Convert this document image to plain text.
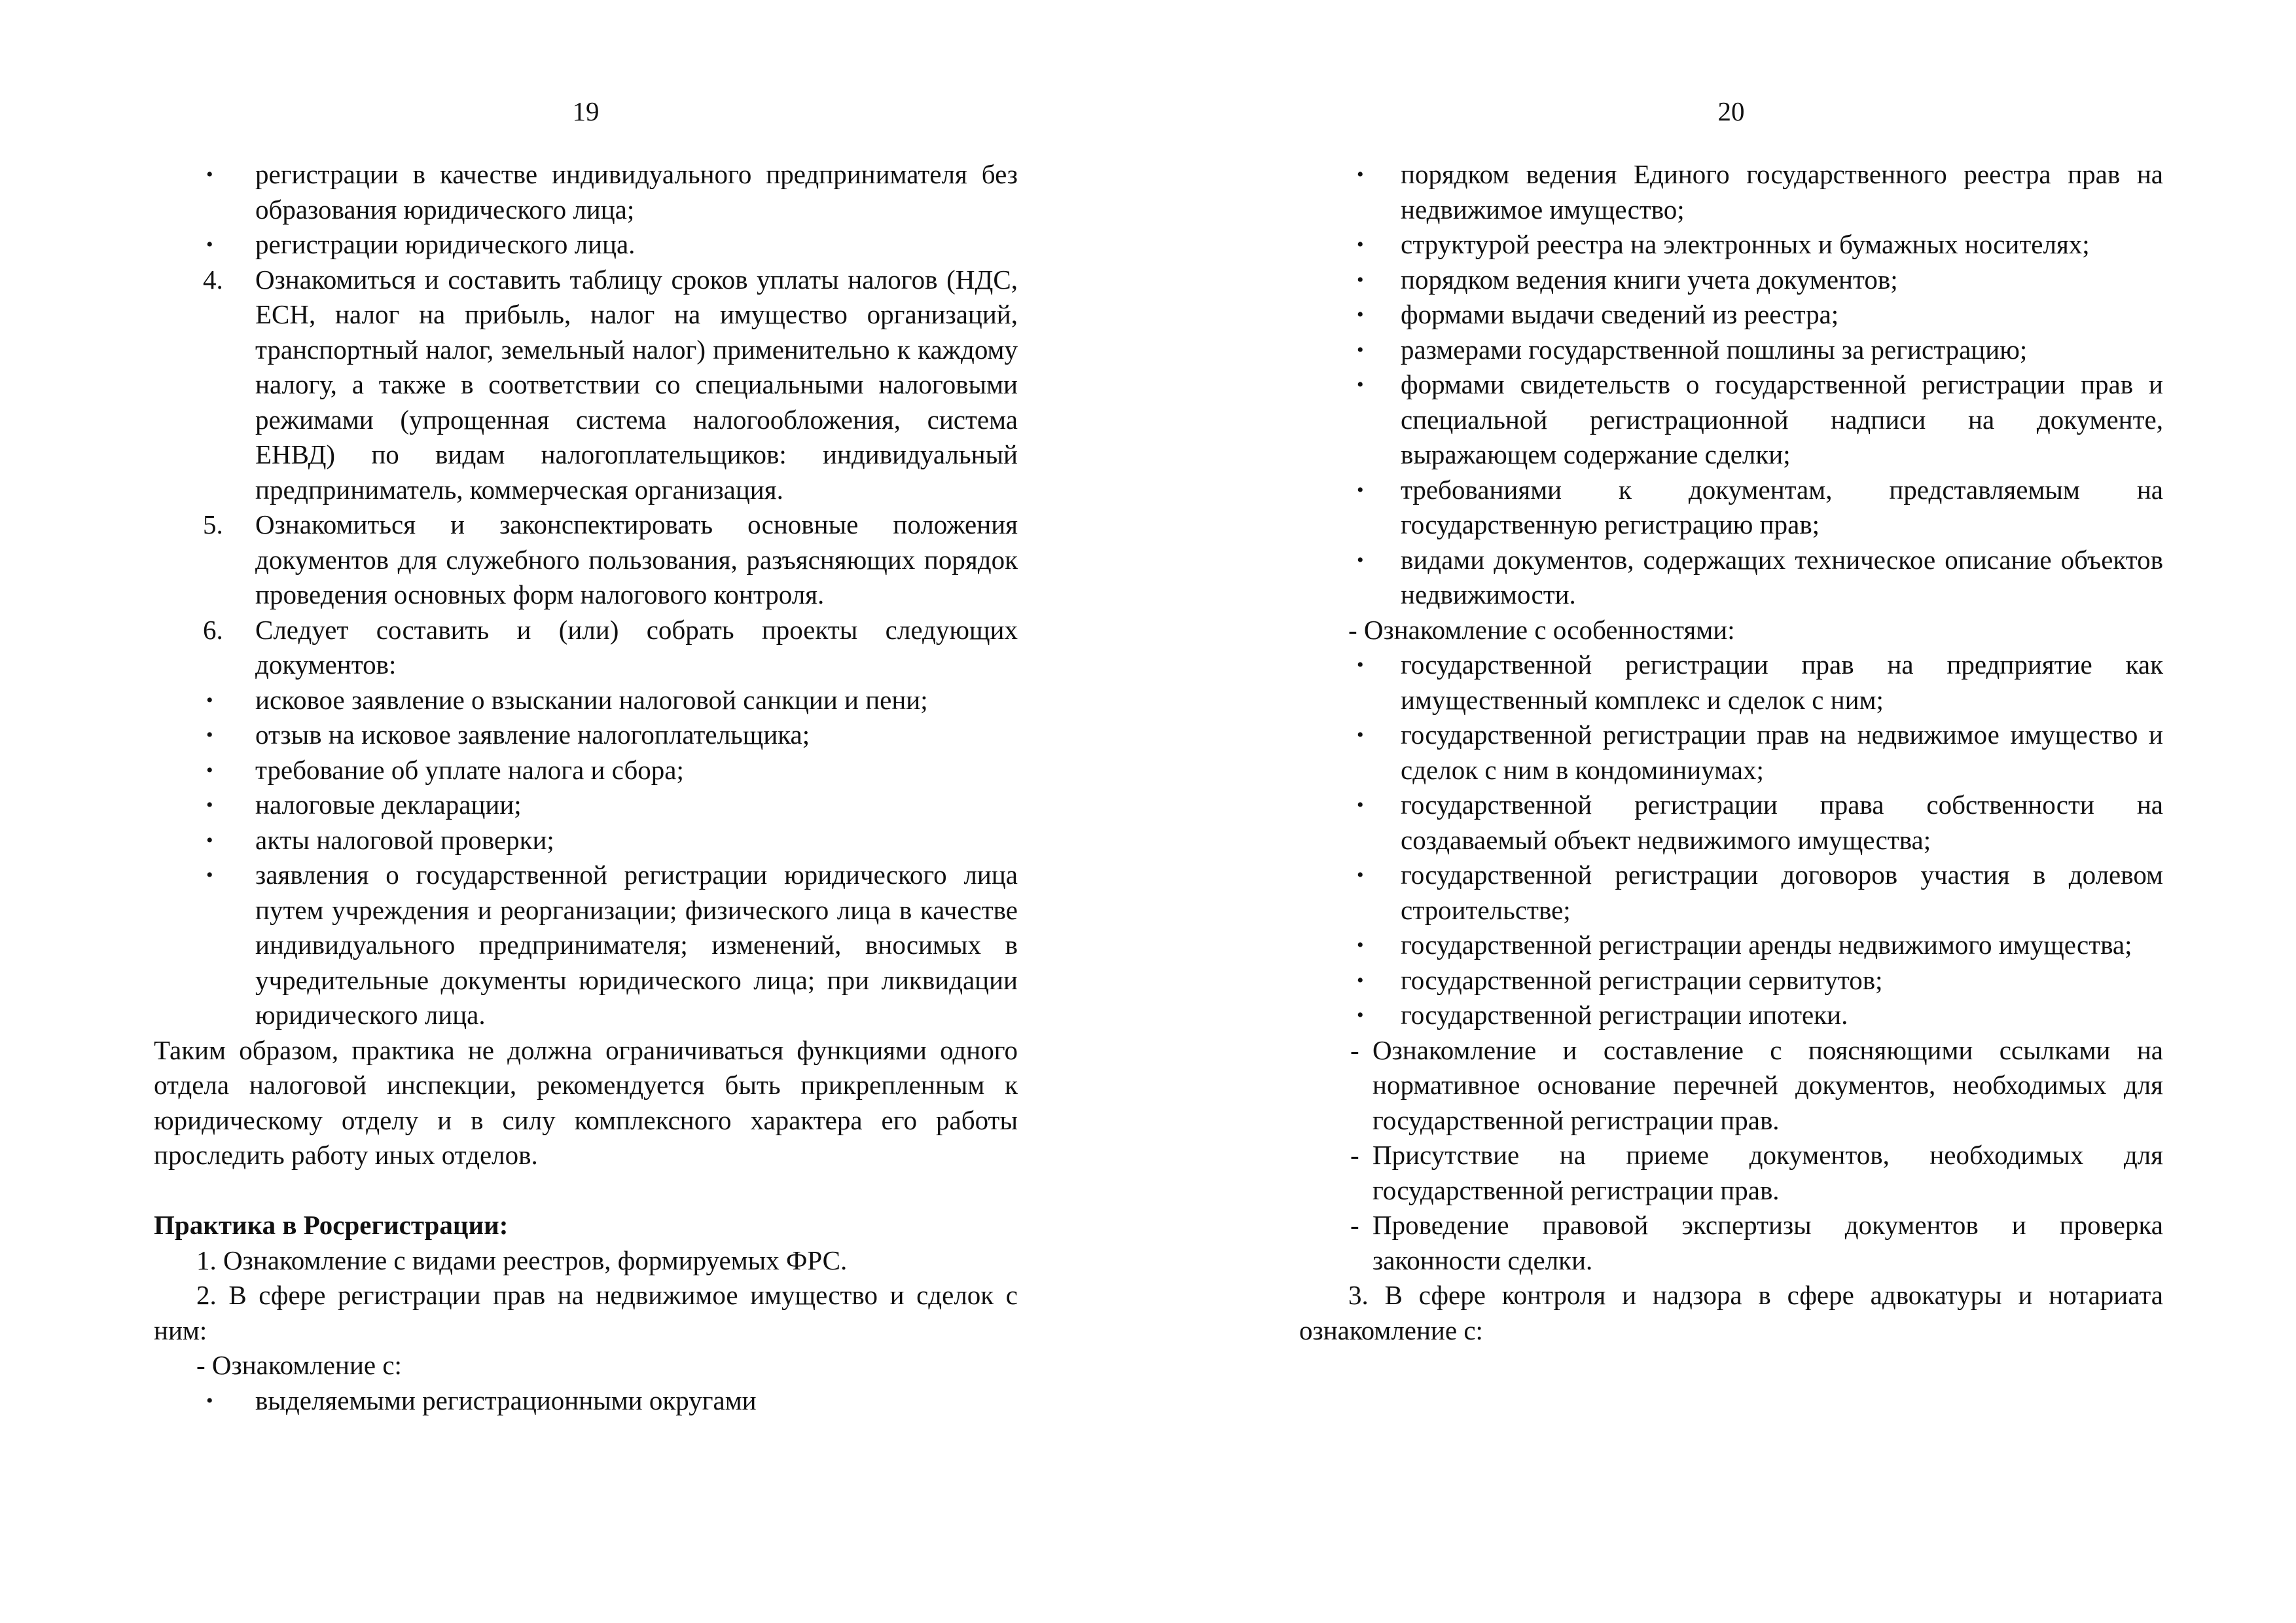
19
• регистрации в качестве индивидуального предпринимателя без образования юридического лица;
• регистрации юридического лица.
4. Ознакомиться и составить таблицу сроков уплаты налогов (НДС, ЕСН, налог на прибыль, налог на имущество организаций, транспортный налог, земельный налог) применительно к каждому налогу, а также в соответствии со специальными налоговыми режимами (упрощенная система налогообложения, система ЕНВД) по видам налогоплательщиков: индивидуальный предприниматель, коммерческая организация.
5. Ознакомиться и законспектировать основные положения документов для служебного пользования, разъясняющих порядок проведения основных форм налогового контроля.
6. Следует составить и (или) собрать проекты следующих документов:
• исковое заявление о взыскании налоговой санкции и пени;
• отзыв на исковое заявление налогоплательщика;
• требование об уплате налога и сбора;
• налоговые декларации;
• акты налоговой проверки;
• заявления о государственной регистрации юридического лица путем учреждения и реорганизации; физического лица в качестве индивидуального предпринимателя; изменений, вносимых в учредительные документы юридического лица; при ликвидации юридического лица.
Таким образом, практика не должна ограничиваться функциями одного отдела налоговой инспекции, рекомендуется быть прикрепленным к юридическому отделу и в силу комплексного характера его работы проследить работу иных отделов.
Практика в Росрегистрации:
1. Ознакомление с видами реестров, формируемых ФРС.
2. В сфере регистрации прав на недвижимое имущество и сделок с ним:
- Ознакомление с:
• выделяемыми регистрационными округами
20
• порядком ведения Единого государственного реестра прав на недвижимое имущество;
• структурой реестра на электронных и бумажных носителях;
• порядком ведения книги учета документов;
• формами выдачи сведений из реестра;
• размерами государственной пошлины за регистрацию;
• формами свидетельств о государственной регистрации прав и специальной регистрационной надписи на документе, выражающем содержание сделки;
• требованиями к документам, представляемым на государственную регистрацию прав;
• видами документов, содержащих техническое описание объектов недвижимости.
- Ознакомление с особенностями:
• государственной регистрации прав на предприятие как имущественный комплекс и сделок с ним;
• государственной регистрации прав на недвижимое имущество и сделок с ним в кондоминиумах;
• государственной регистрации права собственности на создаваемый объект недвижимого имущества;
• государственной регистрации договоров участия в долевом строительстве;
• государственной регистрации аренды недвижимого имущества;
• государственной регистрации сервитутов;
• государственной регистрации ипотеки.
- Ознакомление и составление с поясняющими ссылками на нормативное основание перечней документов, необходимых для государственной регистрации прав.
- Присутствие на приеме документов, необходимых для государственной регистрации прав.
- Проведение правовой экспертизы документов и проверка законности сделки.
3. В сфере контроля и надзора в сфере адвокатуры и нотариата ознакомление с:
